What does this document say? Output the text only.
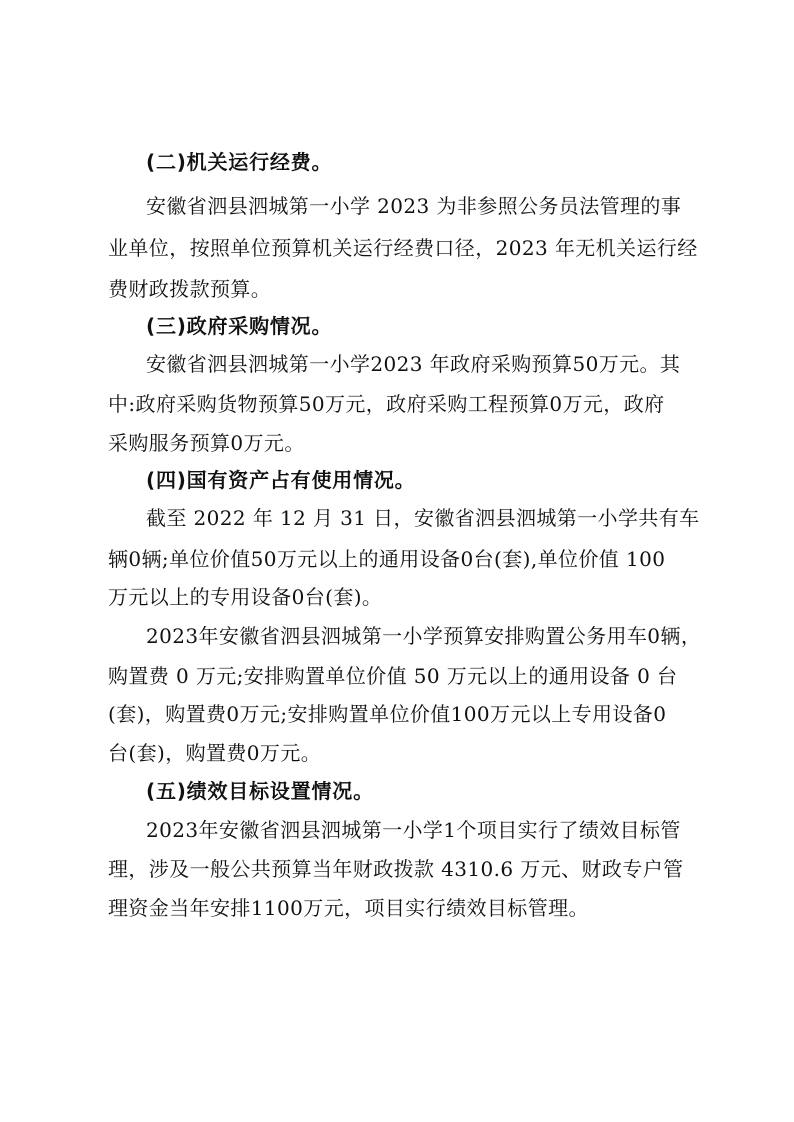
(二)机关运行经费。
安徽省泗县泗城第一小学 2023 为非参照公务员法管理的事
业单位，按照单位预算机关运行经费口径，2023 年无机关运行经
费财政拨款预算。
(三)政府采购情况。
安徽省泗县泗城第一小学2023 年政府采购预算50万元。其
中:政府采购货物预算50万元，政府采购工程预算0万元，政府
采购服务预算0万元。
(四)国有资产占有使用情况。
截至 2022 年 12 月 31 日，安徽省泗县泗城第一小学共有车
辆0辆;单位价值50万元以上的通用设备0台(套),单位价值 100
万元以上的专用设备0台(套)。
2023年安徽省泗县泗城第一小学预算安排购置公务用车0辆，
购置费 0 万元;安排购置单位价值 50 万元以上的通用设备 0 台
(套)，购置费0万元;安排购置单位价值100万元以上专用设备0
台(套)，购置费0万元。
(五)绩效目标设置情况。
2023年安徽省泗县泗城第一小学1个项目实行了绩效目标管
理，涉及一般公共预算当年财政拨款 4310.6 万元、财政专户管
理资金当年安排1100万元，项目实行绩效目标管理。
